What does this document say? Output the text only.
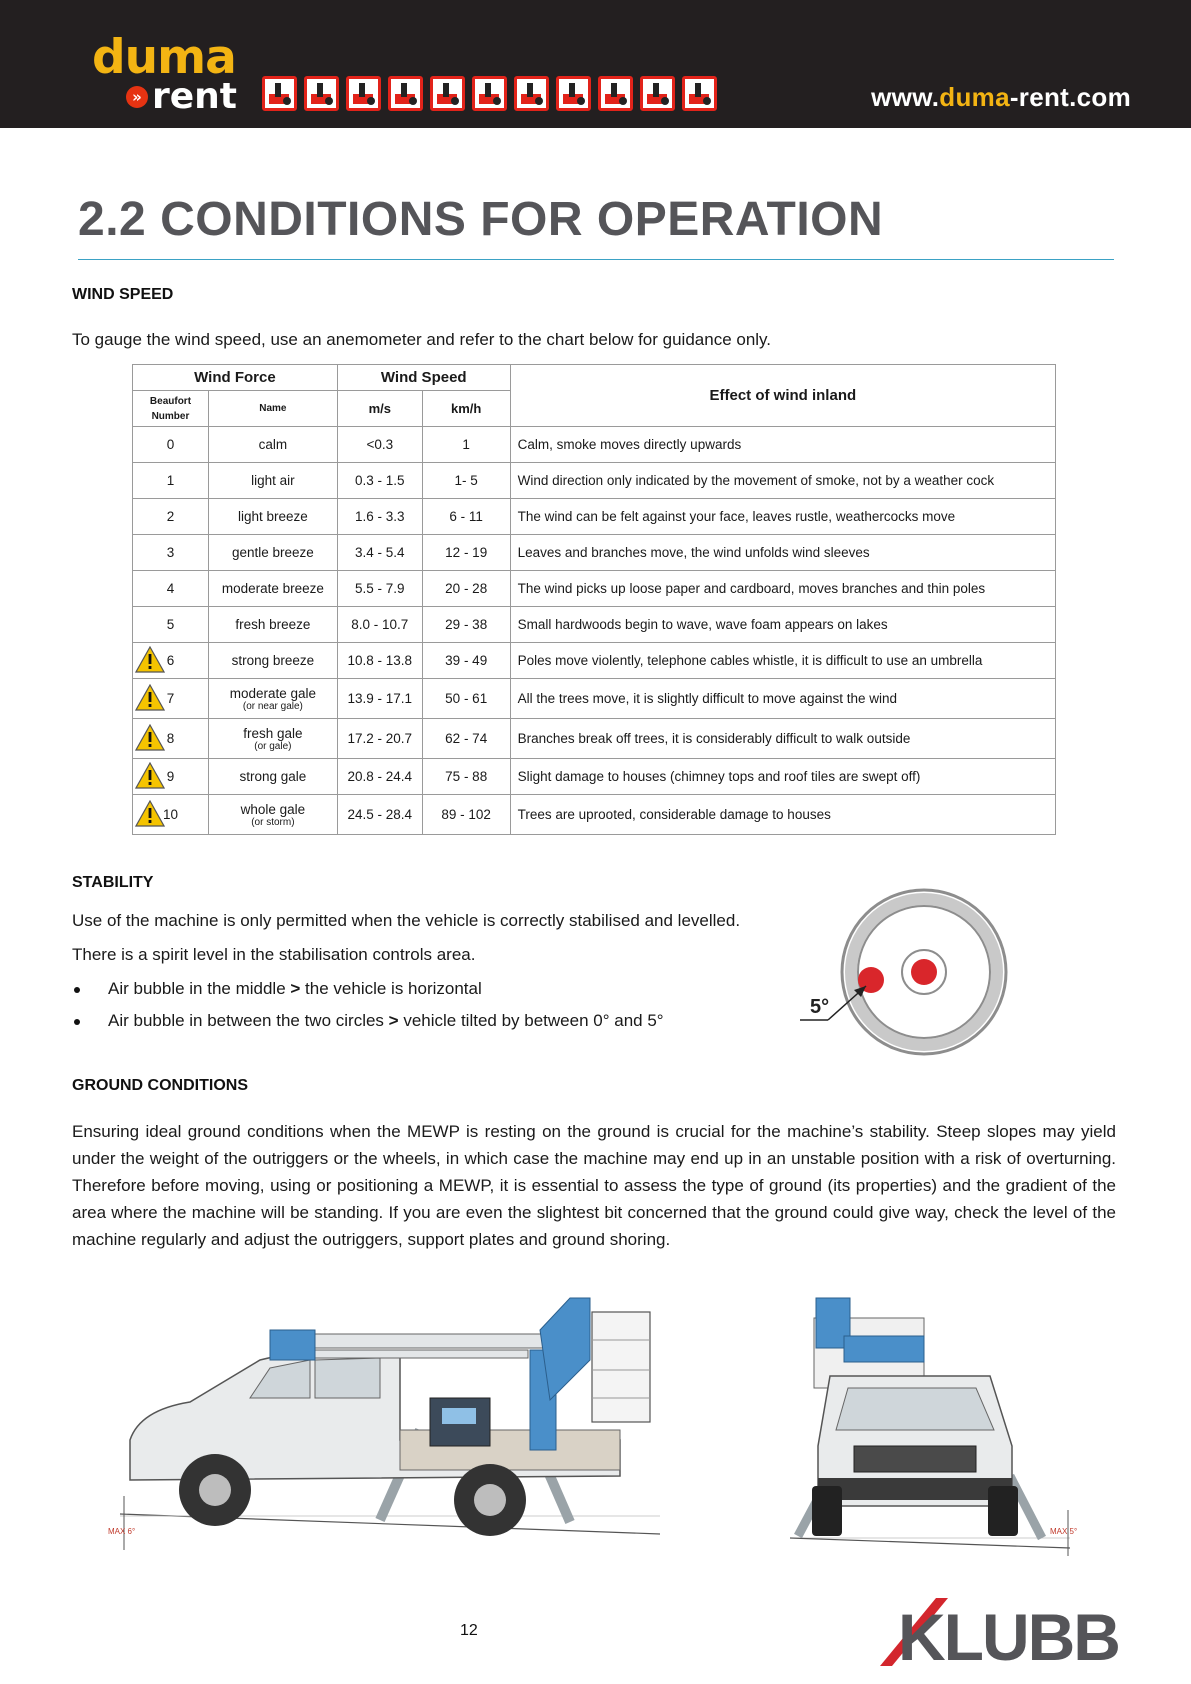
duma
» rent	www.duma-rent.com
2.2 CONDITIONS FOR OPERATION
WIND SPEED
To gauge the wind speed, use an anemometer and refer to the chart below for guidance only.
Wind Force		Wind Speed		Effect of wind inland
Beaufort
Number	Name	m/s	km/h	
0	calm	<0.3	1	Calm, smoke moves directly upwards
1	light air	0.3 - 1.5	1- 5	Wind direction only indicated by the movement of smoke, not by a weather cock
2	light breeze	1.6 - 3.3	6 - 11	The wind can be felt against your face, leaves rustle, weathercocks move
3	gentle breeze	3.4 - 5.4	12 - 19	Leaves and branches move, the wind unfolds wind sleeves
4	moderate breeze	5.5 - 7.9	20 - 28	The wind picks up loose paper and cardboard, moves branches and thin poles
5	fresh breeze	8.0 - 10.7	29 - 38	Small hardwoods begin to wave, wave foam appears on lakes

6	strong breeze	10.8 - 13.8	39 - 49	Poles move violently, telephone cables whistle, it is difficult to use an umbrella

7	moderate gale
(or near gale)	13.9 - 17.1	50 - 61	All the trees move, it is slightly difficult to move against the wind

8	fresh gale
(or gale)	17.2 - 20.7	62 - 74	Branches break off trees, it is considerably difficult to walk outside

9	strong gale	20.8 - 24.4	75 - 88	Slight damage to houses (chimney tops and roof tiles are swept off)

10	whole gale
(or storm)	24.5 - 28.4	89 - 102	Trees are uprooted, considerable damage to houses
STABILITY
Use of the machine is only permitted when the vehicle is correctly stabilised and levelled.
There is a spirit level in the stabilisation controls area.
Air bubble in the middle > the vehicle is horizontal
Air bubble in between the two circles > vehicle tilted by between 0° and 5°
5°
GROUND CONDITIONS
Ensuring ideal ground conditions when the MEWP is resting on the ground is crucial for the machine’s stability. Steep slopes may yield under the weight of the outriggers or the wheels, in which case the machine may end up in an unstable position with a risk of overturning. Therefore before moving, using or positioning a MEWP, it is essential to assess the type of ground (its properties) and the gradient of the area where the machine will be standing. If you are even the slightest bit concerned that the ground could give way, check the level of the machine regularly and adjust the outriggers, support plates and ground shoring.
MAX 6°	MAX 5°
12	KLUBB
